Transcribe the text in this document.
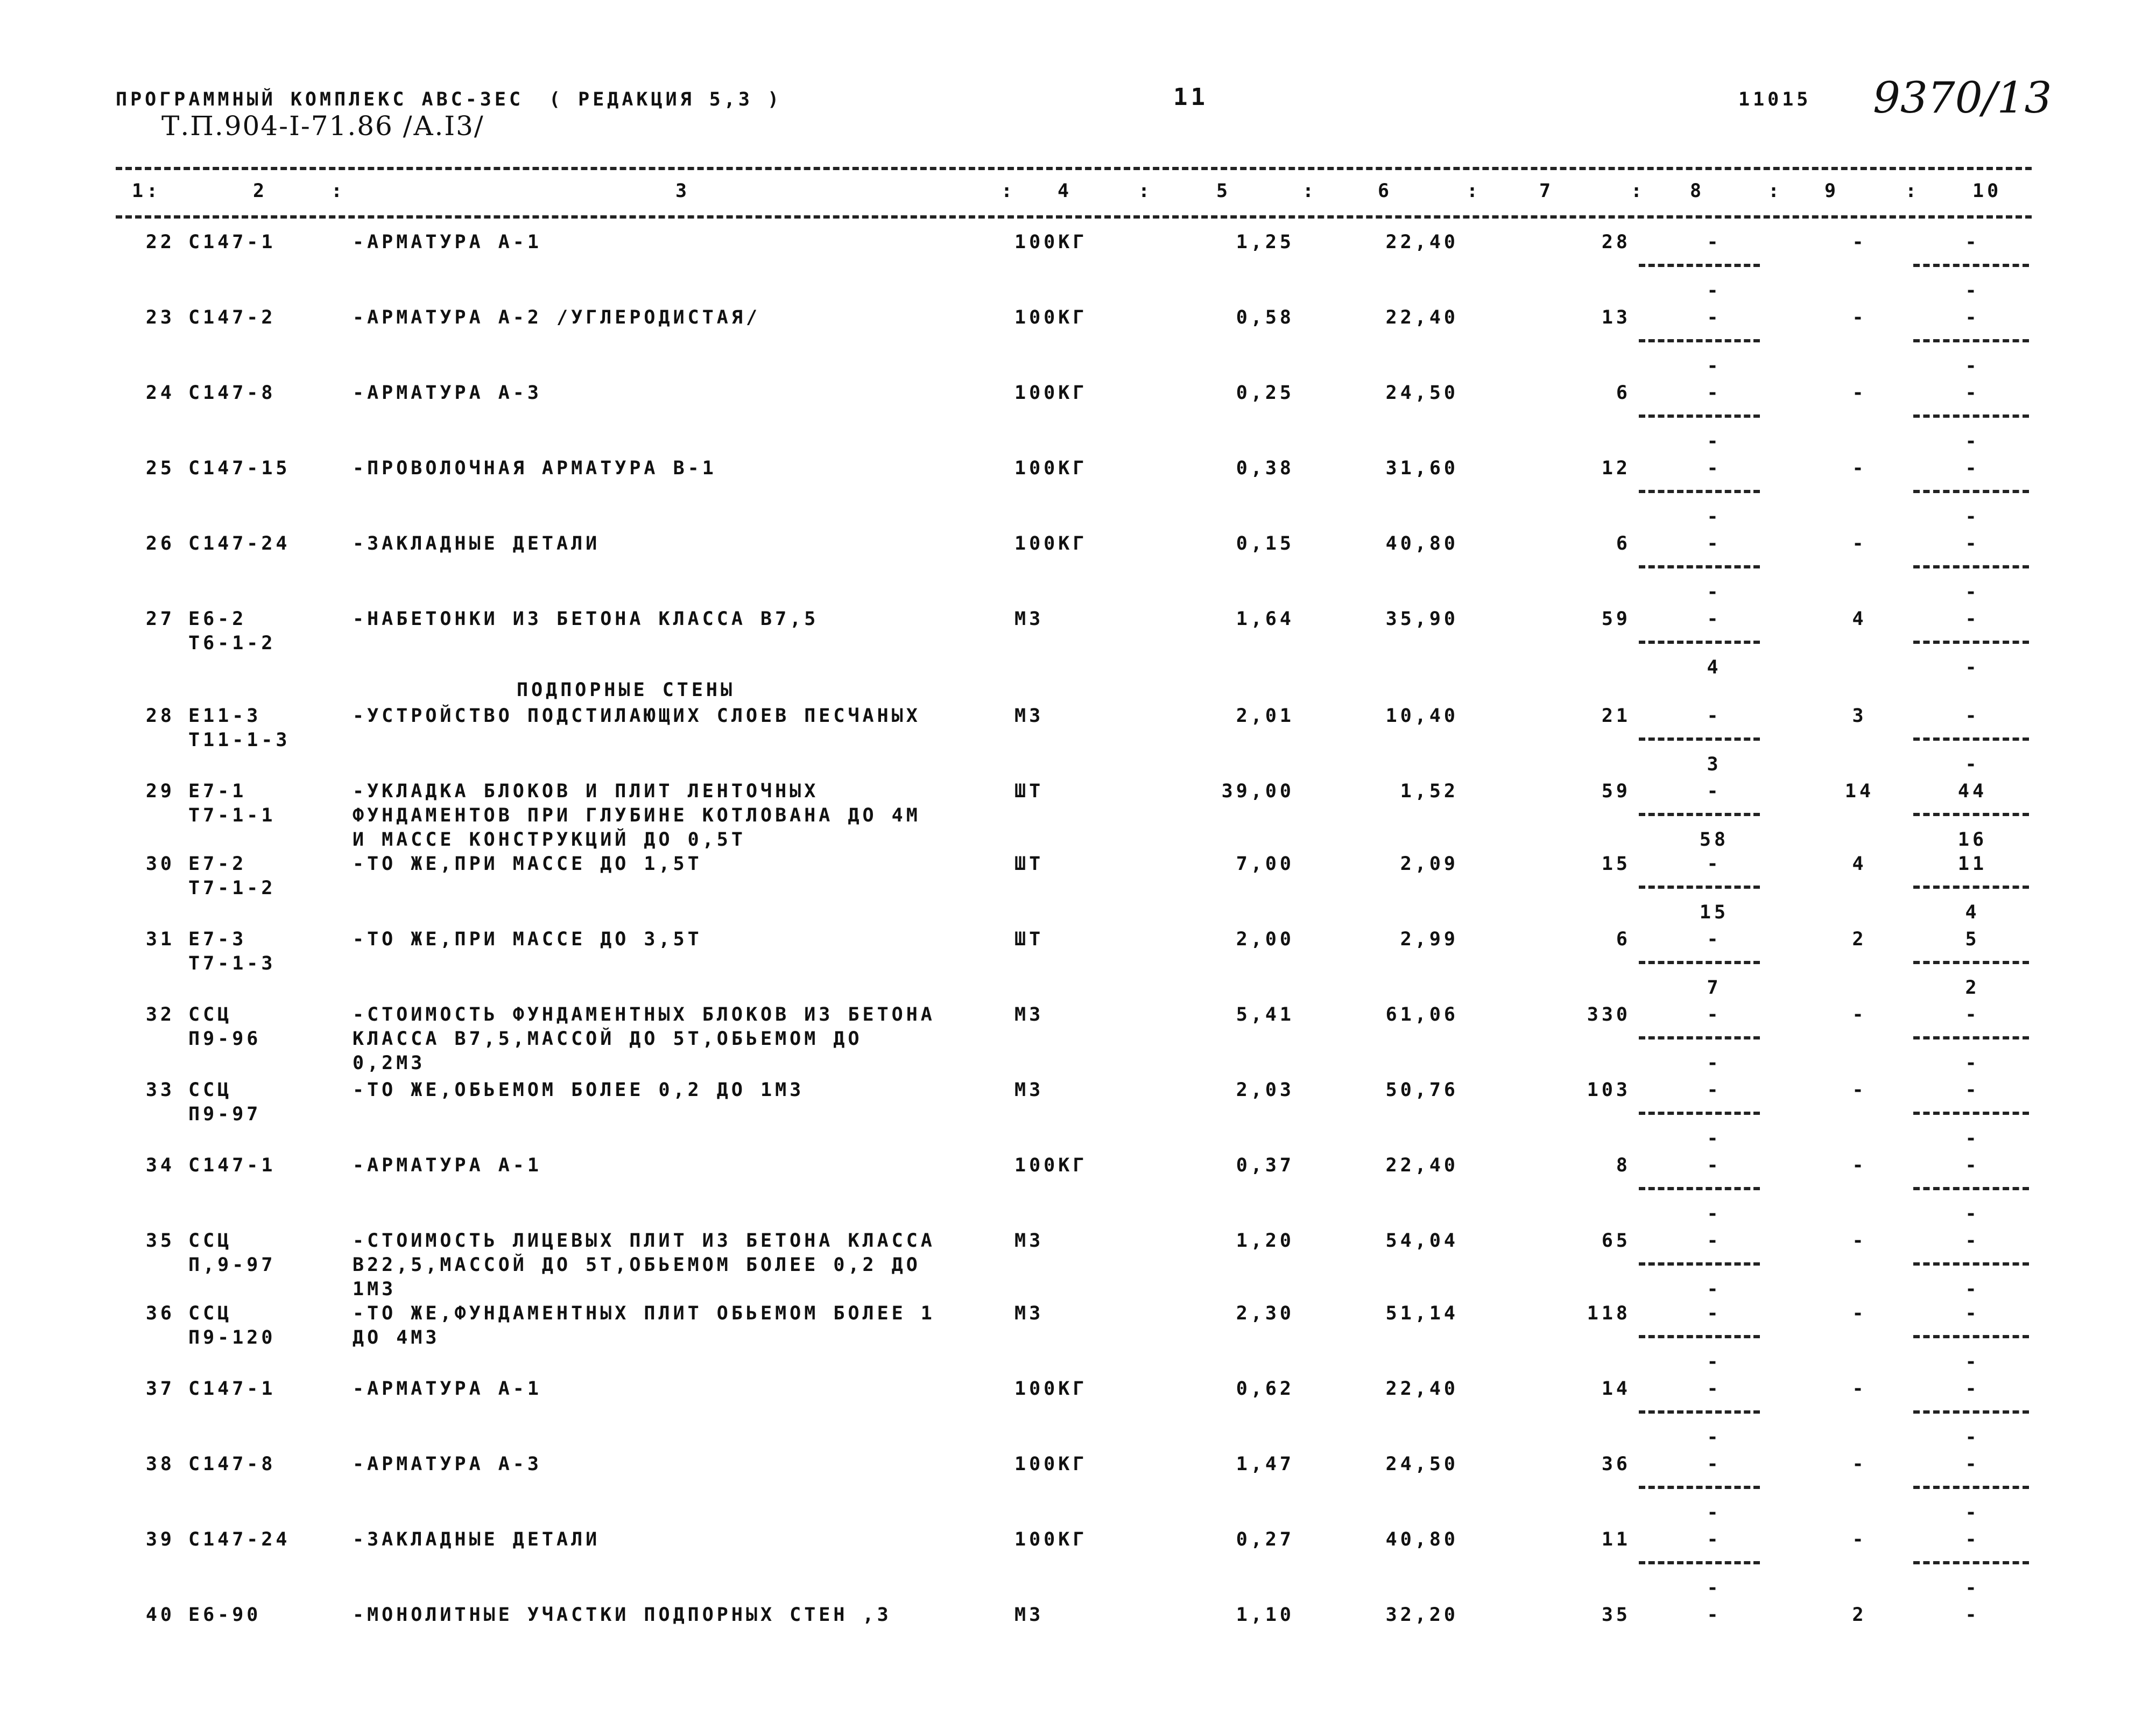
ПРОГРАММНЫЙ КОМПЛЕКС АВС-3ЕС ( РЕДАКЦИЯ 5,3 )
Т.П.904-I-71.86 /А.I3/
11	11015 9370/13
1	2	3	4	5	6	7	8	9	10
:	:	:	:	:	:	:	:	:
22 С147-1	-АРМАТУРА А-1	100КГ	1,25	22,40	28	-	-	-
-	-
23 С147-2	-АРМАТУРА А-2 /УГЛЕРОДИСТАЯ/	100КГ	0,58	22,40	13	-	-	-
-	-
24 С147-8	-АРМАТУРА А-3	100КГ	0,25	24,50	6	-	-	-
-	-
25 С147-15	-ПРОВОЛОЧНАЯ АРМАТУРА В-1	100КГ	0,38	31,60	12	-	-	-
-	-
26 С147-24	-ЗАКЛАДНЫЕ ДЕТАЛИ	100КГ	0,15	40,80	6	-	-	-
-	-
27 Е6-2
Т6-1-2
-НАБЕТОНКИ ИЗ БЕТОНА КЛАССА В7,5	М3	1,64	35,90	59	-	4	-
4	-
28 Е11-3
Т11-1-3
-УСТРОЙСТВО ПОДСТИЛАЮЩИХ СЛОЕВ ПЕСЧАНЫХ	М3	2,01	10,40	21	-	3	-
3	-
29 Е7-1
Т7-1-1
-УКЛАДКА БЛОКОВ И ПЛИТ ЛЕНТОЧНЫХ
ФУНДАМЕНТОВ ПРИ ГЛУБИНЕ КОТЛОВАНА ДО 4М
И МАССЕ КОНСТРУКЦИЙ ДО 0,5Т
ШТ	39,00	1,52	59	-	14	44
58	16
30 Е7-2
Т7-1-2
-ТО ЖЕ,ПРИ МАССЕ ДО 1,5Т	ШТ	7,00	2,09	15	-	4	11
15	4
31 Е7-3
Т7-1-3
-ТО ЖЕ,ПРИ МАССЕ ДО 3,5Т	ШТ	2,00	2,99	6	-	2	5
7	2
32 ССЦ
П9-96
-СТОИМОСТЬ ФУНДАМЕНТНЫХ БЛОКОВ ИЗ БЕТОНА
КЛАССА В7,5,МАССОЙ ДО 5Т,ОБЬЕМОМ ДО
0,2М3
М3	5,41	61,06	330	-	-	-
-	-
33 ССЦ
П9-97
-ТО ЖЕ,ОБЬЕМОМ БОЛЕЕ 0,2 ДО 1М3	М3	2,03	50,76	103	-	-	-
-	-
34 С147-1	-АРМАТУРА А-1	100КГ	0,37	22,40	8	-	-	-
-	-
35 ССЦ
П,9-97
-СТОИМОСТЬ ЛИЦЕВЫХ ПЛИТ ИЗ БЕТОНА КЛАССА
В22,5,МАССОЙ ДО 5Т,ОБЬЕМОМ БОЛЕЕ 0,2 ДО
1М3
М3	1,20	54,04	65	-	-	-
-	-
36 ССЦ
П9-120
-ТО ЖЕ,ФУНДАМЕНТНЫХ ПЛИТ ОБЬЕМОМ БОЛЕЕ 1
ДО 4М3
М3	2,30	51,14	118	-	-	-
-	-
37 С147-1	-АРМАТУРА А-1	100КГ	0,62	22,40	14	-	-	-
-	-
38 С147-8	-АРМАТУРА А-3	100КГ	1,47	24,50	36	-	-	-
-	-
39 С147-24	-ЗАКЛАДНЫЕ ДЕТАЛИ	100КГ	0,27	40,80	11	-	-	-
-	-
40 Е6-90	-МОНОЛИТНЫЕ УЧАСТКИ ПОДПОРНЫХ СТЕН ,3	М3	1,10	32,20	35	-	2	-
ПОДПОРНЫЕ СТЕНЫ
